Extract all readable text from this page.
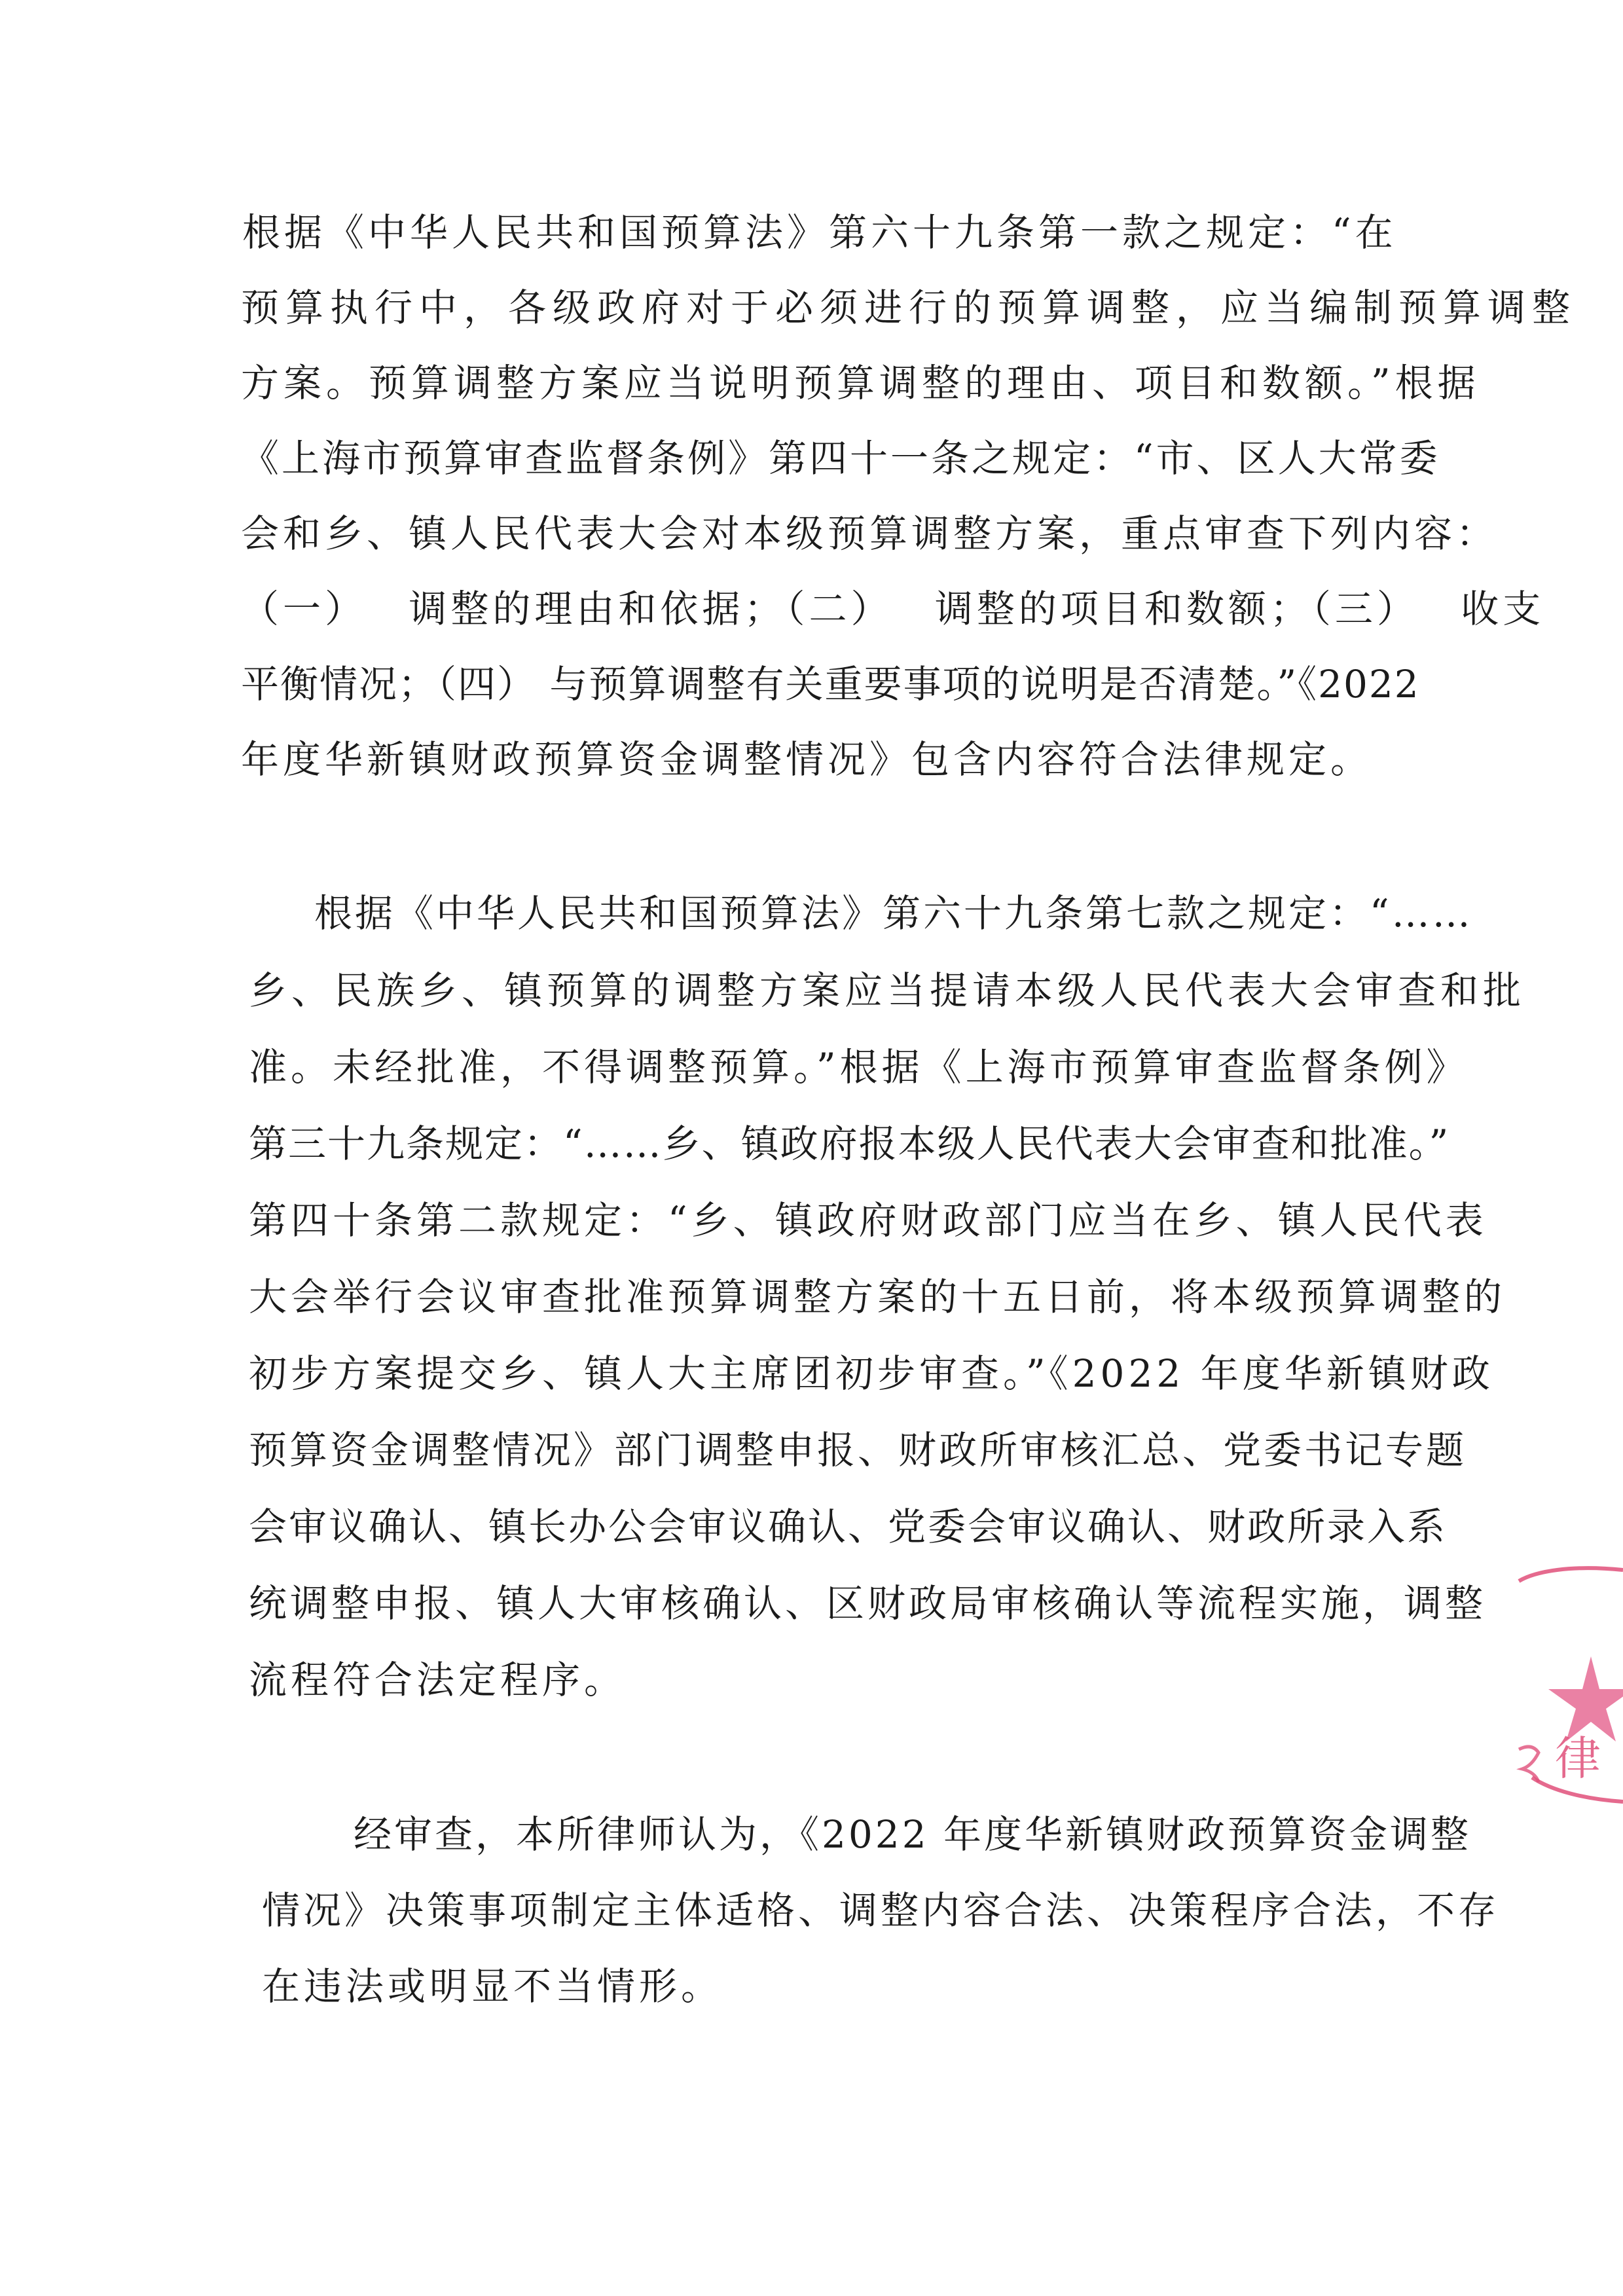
根据《中华人民共和国预算法》第六十九条第一款之规定：“在
预算执行中，各级政府对于必须进行的预算调整，应当编制预算调整
方案。预算调整方案应当说明预算调整的理由、项目和数额。”根据
《上海市预算审查监督条例》第四十一条之规定：“市、区人大常委
会和乡、镇人民代表大会对本级预算调整方案，重点审查下列内容：
（一） 调整的理由和依据；（二） 调整的项目和数额；（三） 收支
平衡情况；（四） 与预算调整有关重要事项的说明是否清楚。”《2022
年度华新镇财政预算资金调整情况》包含内容符合法律规定。
根据《中华人民共和国预算法》第六十九条第七款之规定：“……
乡、民族乡、镇预算的调整方案应当提请本级人民代表大会审查和批
准。未经批准，不得调整预算。”根据《上海市预算审查监督条例》
第三十九条规定：“……乡、镇政府报本级人民代表大会审查和批准。”
第四十条第二款规定：“乡、镇政府财政部门应当在乡、镇人民代表
大会举行会议审查批准预算调整方案的十五日前，将本级预算调整的
初步方案提交乡、镇人大主席团初步审查。”《2022 年度华新镇财政
预算资金调整情况》部门调整申报、财政所审核汇总、党委书记专题
会审议确认、镇长办公会审议确认、党委会审议确认、财政所录入系
统调整申报、镇人大审核确认、区财政局审核确认等流程实施，调整
流程符合法定程序。
经审查，本所律师认为，《2022 年度华新镇财政预算资金调整
情况》决策事项制定主体适格、调整内容合法、决策程序合法，不存
在违法或明显不当情形。
律
